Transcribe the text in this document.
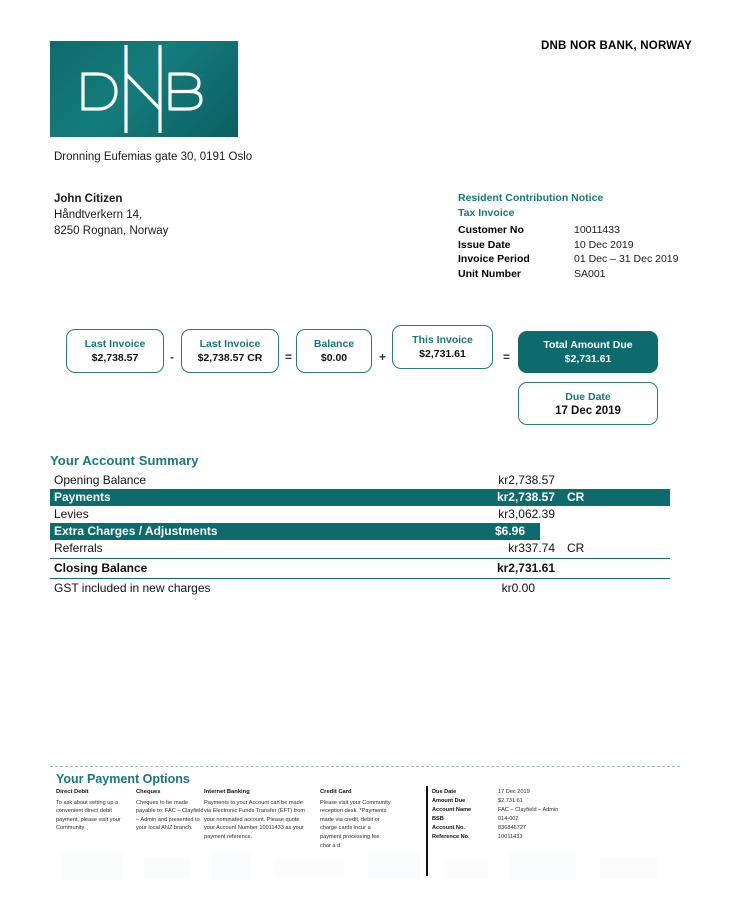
DNB NOR BANK, NORWAY
Dronning Eufemias gate 30, 0191 Oslo
John Citizen
Håndtverkern 14,
8250 Rognan, Norway
Resident Contribution Notice
Tax Invoice
Customer No	10011433
Issue Date	10 Dec 2019
Invoice Period	01 Dec – 31 Dec 2019
Unit Number	SA001
Last Invoice
$2,738.57	-
Last Invoice
$2,738.57 CR =
Balance
$0.00	+
This Invoice
$2,731.61	=
Total Amount Due
$2,731.61
Due Date
17 Dec 2019
Your Account Summary
Opening Balance	kr2,738.57
Payments	kr2,738.57 CR
Levies	kr3,062.39
Extra Charges / Adjustments	$6.96
Referrals	kr337.74 CR
Closing Balance	kr2,731.61
GST included in new charges	kr0.00
Your Payment Options
Direct Debit

To ask about setting up a convenient direct debit payment, please visit your Community

Cheques

Cheques to be made payable to: FAC – Clayfield – Admin and presented to your local ANZ branch.

Internet Banking

Payments to your Account can be made via Electronic Funds Transfer (EFT) from your nominated account. Please quote your Account Number 10011433 as your payment reference.

Credit Card

Please visit your Community reception desk. *Payments made via credit, debit or charge cards incur a payment processing fee. char a d

Due Date	17 Dec 2019
Amount Due	$2,731.61
Account Name	FAC – Clayfield – Admin
BSB	014-002
Account No.	836846727
Reference No.	10011433
